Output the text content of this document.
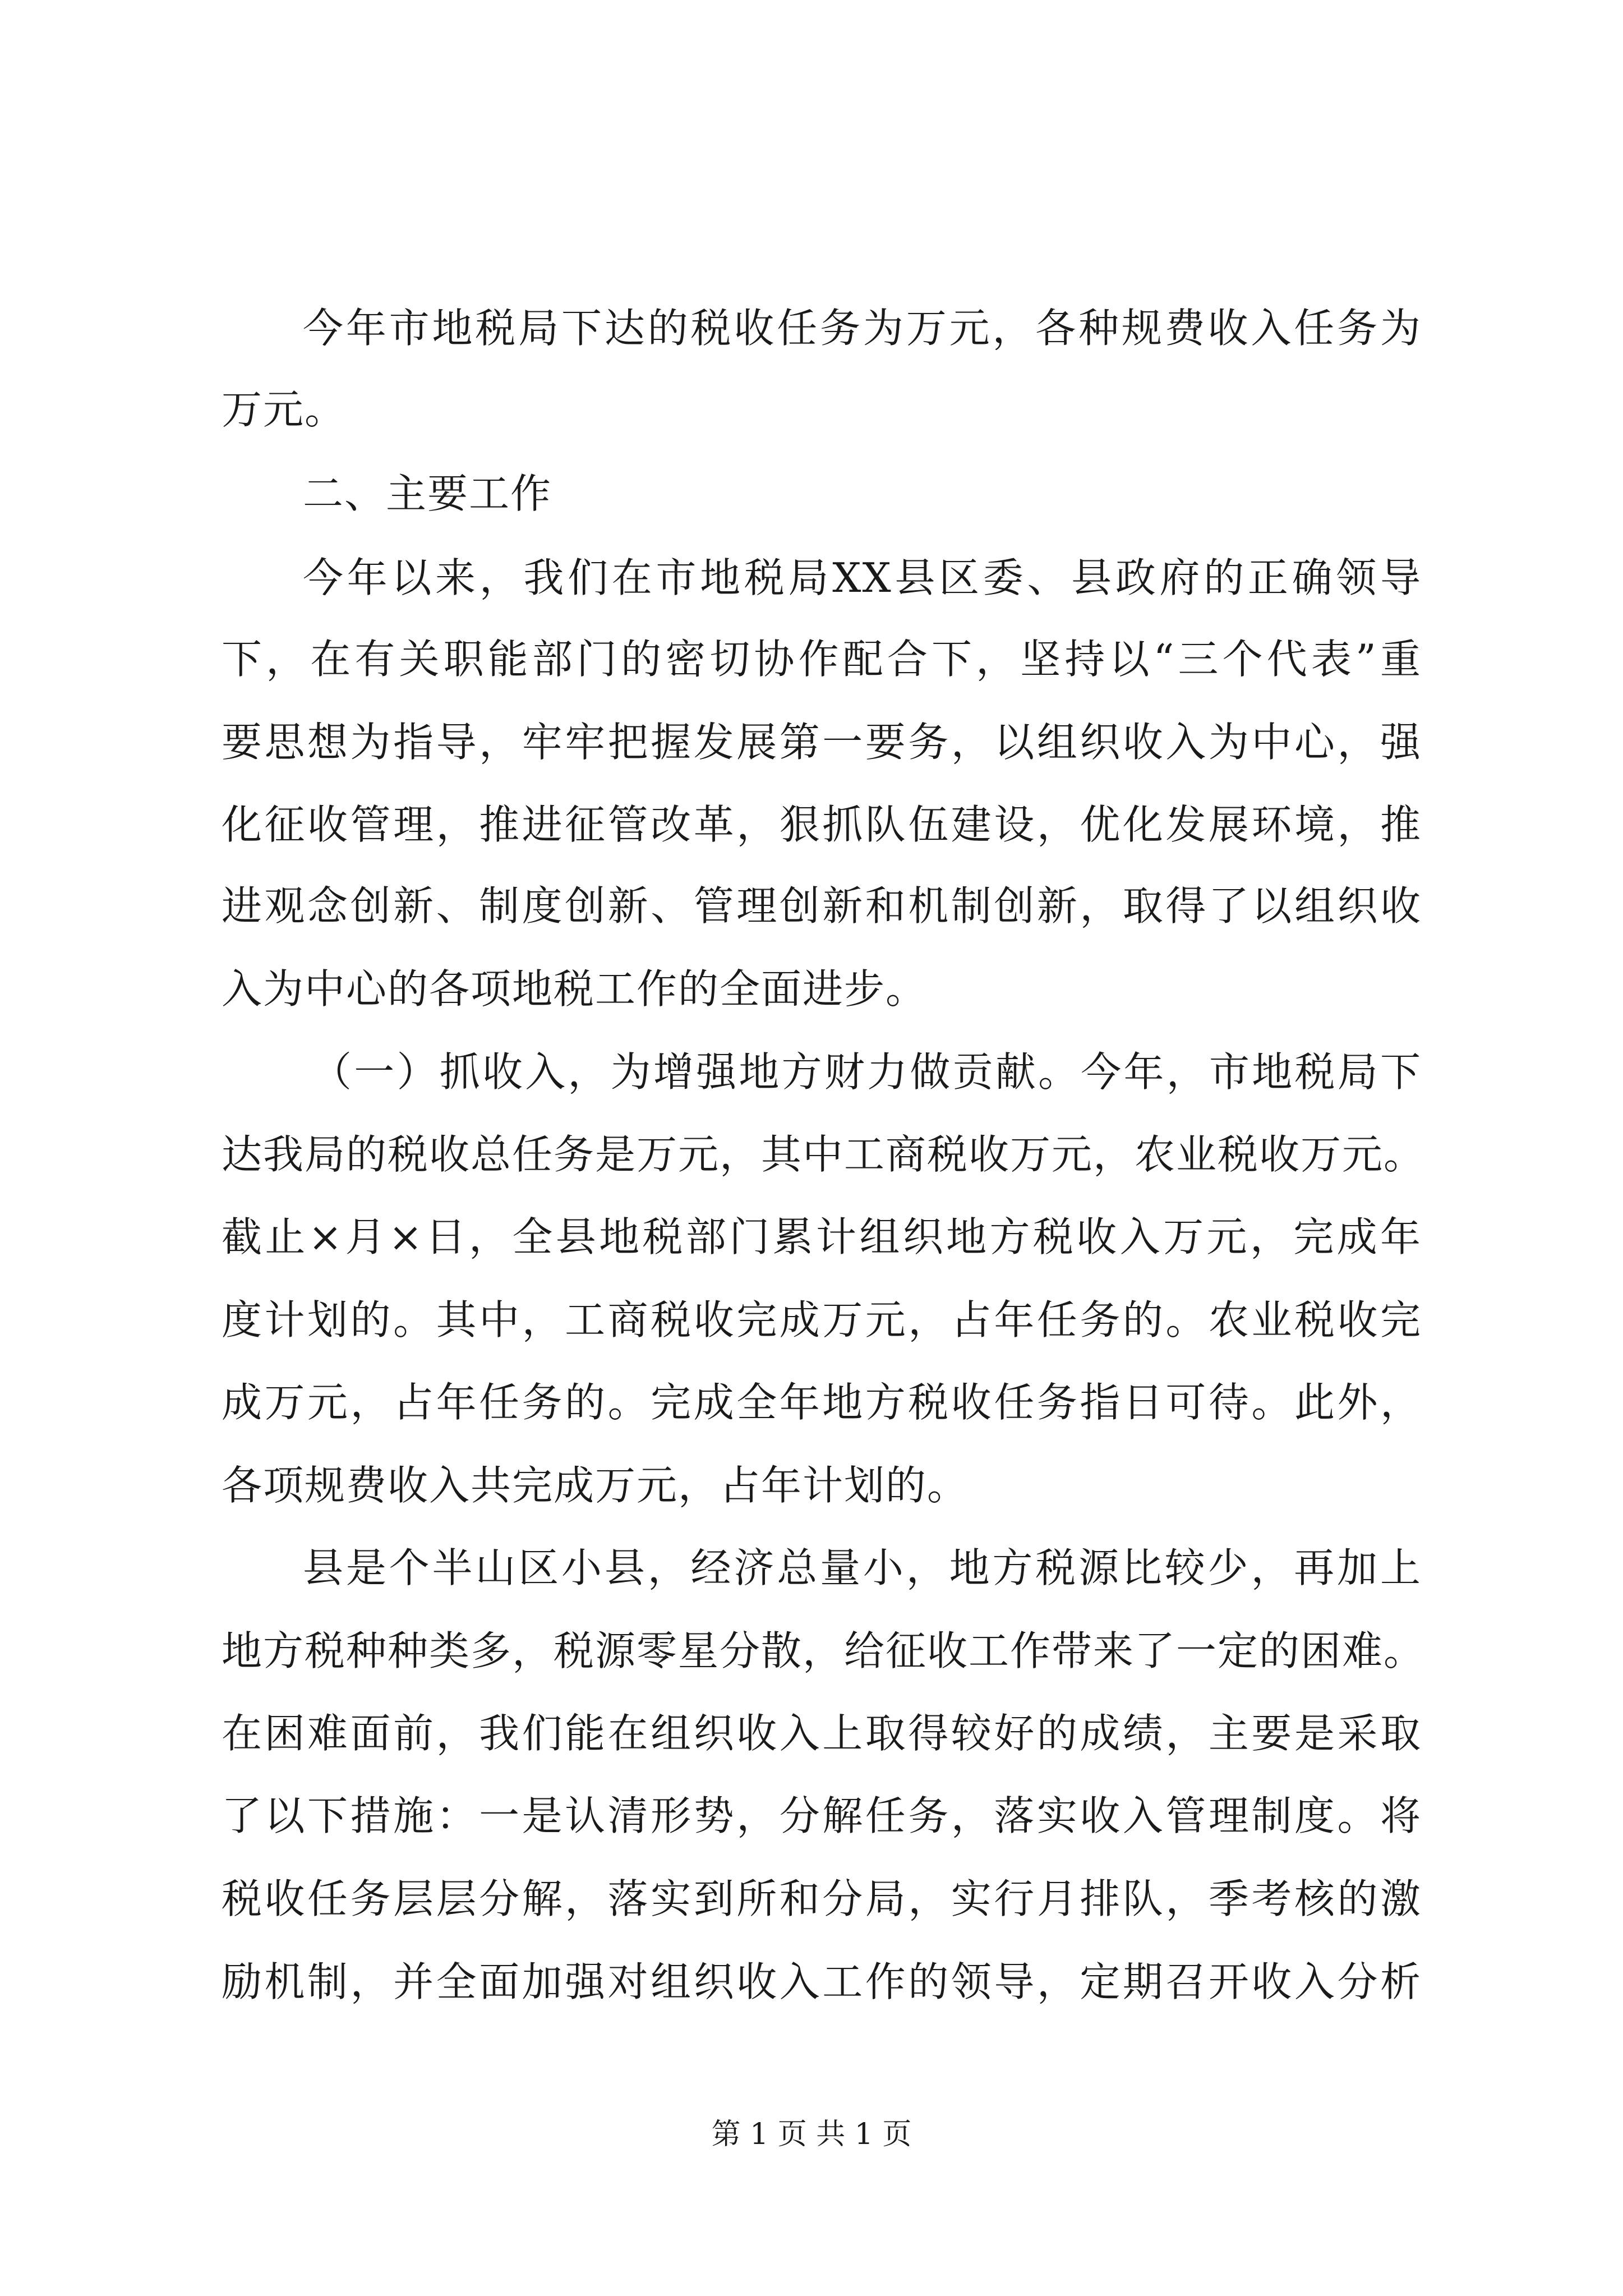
今年市地税局下达的税收任务为万元，各种规费收入任务为
万元。
二、主要工作
今年以来，我们在市地税局XX县区委、县政府的正确领导
下，在有关职能部门的密切协作配合下，坚持以“三个代表”重
要思想为指导，牢牢把握发展第一要务，以组织收入为中心，强
化征收管理，推进征管改革，狠抓队伍建设，优化发展环境，推
进观念创新、制度创新、管理创新和机制创新，取得了以组织收
入为中心的各项地税工作的全面进步。
（一）抓收入，为增强地方财力做贡献。今年，市地税局下
达我局的税收总任务是万元，其中工商税收万元，农业税收万元。
截止×月×日，全县地税部门累计组织地方税收入万元，完成年
度计划的。其中，工商税收完成万元，占年任务的。农业税收完
成万元，占年任务的。完成全年地方税收任务指日可待。此外，
各项规费收入共完成万元，占年计划的。
县是个半山区小县，经济总量小，地方税源比较少，再加上
地方税种种类多，税源零星分散，给征收工作带来了一定的困难。
在困难面前，我们能在组织收入上取得较好的成绩，主要是采取
了以下措施：一是认清形势，分解任务，落实收入管理制度。将
税收任务层层分解，落实到所和分局，实行月排队，季考核的激
励机制，并全面加强对组织收入工作的领导，定期召开收入分析
第 1 页 共 1 页
